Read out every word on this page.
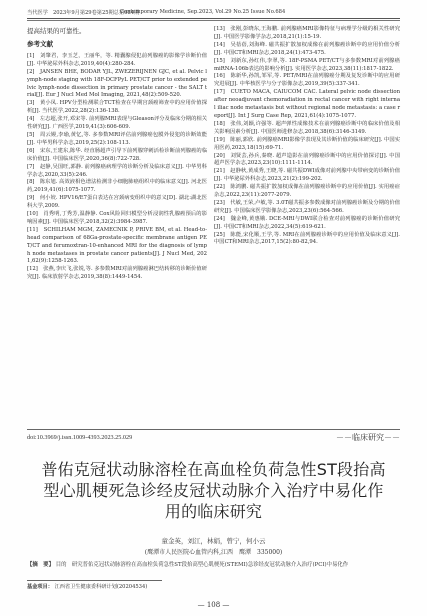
当代医学　2023年9月第29卷第25期总第684期
Contemporary Medicine, Sep.2023, Vol.29 No.25 Issue No.684
提高结果的可靠性。
参考文献

[1]　刘肇君，李玉芝，王丽华，等. 精囊腺侵犯前列腺癌的影像学诊断价值[J]. 中华泌尿外科杂志,2019,40(4):280-284.

[2]　JANSEN BHE, BODAR YJL, ZWEZERIJNEN GJC, et al. Pelvic lymph-node staging with 18F-DCFPyL PET/CT prior to extended pelvic lymph-node dissection in primary prostate cancer - the SALT trial[J]. Eur J Nucl Med Mol Imaging, 2021,48(2):509-520.

[3]　黄小凤. HPV分型检测联合TCT检查在早期宫颈癌筛查中的应用价值探析[J]. 当代医学,2022,28(2):136-138.

[4]　左志超,张开,邓宋等. 前列腺MRI表现与Gleason评分及临床分期的相关性研究[J]. 广西医学,2019,41(3):606-609.

[5]　周云嫚,李瑜,黄忆,等. 多参数MRI评估前列腺癌包膜外侵犯的诊断效能[J]. 中华男科学杂志,2019,25(2):108-113.

[6]　宋东,王建东,陈华. 经直肠超声引导下前列腺穿刺活检诊断前列腺癌的临床价值[J]. 中国临床医学,2020,36(8):722-728.

[7]　赵静,吴国旺,郭静. 前列腺癌病理学的诊断分析及临床意义[J]. 中华男科学杂志,2020,33(5):246.

[8]　陈东旭. 高效液相色谱法检测非小细胞肺癌组织中的临床意义[J]. 河北医药,2019,41(6):1075-1077.

[9]　何小姣. HPV16/E7蛋白表达在宫颈病变组织中的意义[D]. 湖北:湖北医科大学,2009.

[10]　肖秀明,丁秀芳,温静静. Cox风险回归模型分析浸润性乳腺癌预后的影响因素[J]. 中国临床医学,2018,32(2):3984-3987.

[11]　SCHILHAM MGM, ZAMECNIK P, PRIVE BM, et al. Head-to-head comparison of 68Ga-prostate-specific membrane antigen PET/CT and ferumoxtran-10-enhanced MRI for the diagnosis of lymph node metastases in prostate cancer patients[J]. J Nucl Med, 2021,62(9):1258-1263.

[12]　张燕,李庆飞,张锐,等. 多参数MRI对前列腺癌淋巴结转移的诊断价值研究[J]. 临床放射学杂志,2019,38(8):1449-1454.

[13]　张刚,彭晓东,王海鹏. 前列腺癌MRI影像特征与病理学分级的相关性研究[J]. 中国医学影像学杂志,2018,21(1):15-19.

[14]　吴蓓蓓,刘海峰. 磁共振扩散加权成像在前列腺癌诊断中的应用价值分析[J]. 中国CT和MRI杂志,2018,24(1):473-475.

[15]　刘新东,孙红伟,李翠,等. 18F-PSMA PET/CT与多参数MRI对前列腺癌miRNA-106b表达的影响分析[J]. 实用医学杂志,2023,38(11):1817-1822.

[16]　陈新华,孙凯,邹军,等. PET/MRI在前列腺癌分期及复发诊断中的应用研究进展[J]. 中华核医学与分子影像杂志,2019,39(5):337-341.

[17]　CUETO MACA, CAIUCOM CAC. Lateral pelvic node dissection after neoadjuvant chemoradiation in rectal cancer with right internal iliac node metastasis but without regional node metastasis: a case report[J]. Int J Surg Case Rep, 2021,61(4):1075-1077.

[18]　张伟,刘颖,许强等. 超声弹性成像技术在前列腺癌诊断中的临床价值及相关影响因素分析[J]. 中国医师进修杂志,2018,38(6):3146-3149.

[19]　陈丽,郭欣. 前列腺癌MRI影像学表现及其诊断价值的临床研究[J]. 中国实用医药,2023,18(15):69-71.

[20]　刘贤芸,孙兵,秦晓. 超声造影在前列腺癌诊断中的应用价值探讨[J]. 中国超声医学杂志,2023,23(10):1111-1114.

[21]　赵静秋,黄成秀,王晓,等. 磁共振DWI成像对前列腺中央带病变的诊断价值[J]. 中华泌尿外科杂志,2023,21(2):199-202.

[22]　陈鸿鹏. 磁共振扩散加权成像在前列腺癌诊断中的应用价值[J]. 实用癌症杂志,2022,23(11):2077-2079.

[23]　代敏,王荣,卢敏,等. 3.0T磁共振多参数成像对前列腺癌诊断及分期的价值研究[J]. 中国临床医学影像杂志,2023,23(6):564-566.

[24]　魏金峰,黄惠娥. DCE-MRI与DWI联合检查对前列腺癌的诊断价值研究[J]. 中国CT和MRI杂志,2022,34(5):619-621.

[25]　陈能,宋化顺,王学,等. MRI在前列腺癌诊断中的应用价值及临床意义[J]. 中国CT和MRI杂志,2017,15(2):80-82,94.

doi:10.3969/j.issn.1009-4393.2023.25.029	－－临床研究－－
普佑克冠状动脉溶栓在高血栓负荷急性ST段抬高型心肌梗死急诊经皮冠状动脉介入治疗中易化作用的临床研究
童金英，刘江，林娟，曾宁，何小云
(鹰潭市人民医院心血管内科,江西　鹰潭　335000)
【摘　要】 目的　研究普佑克冠状动脉溶栓在高血栓负荷急性ST段抬高型心肌梗死(STEMI)急诊经皮冠状动脉介入治疗(PCI)中易化作
基金项目： 江西省卫生健康委科研计划(20204534)
— 108 —
